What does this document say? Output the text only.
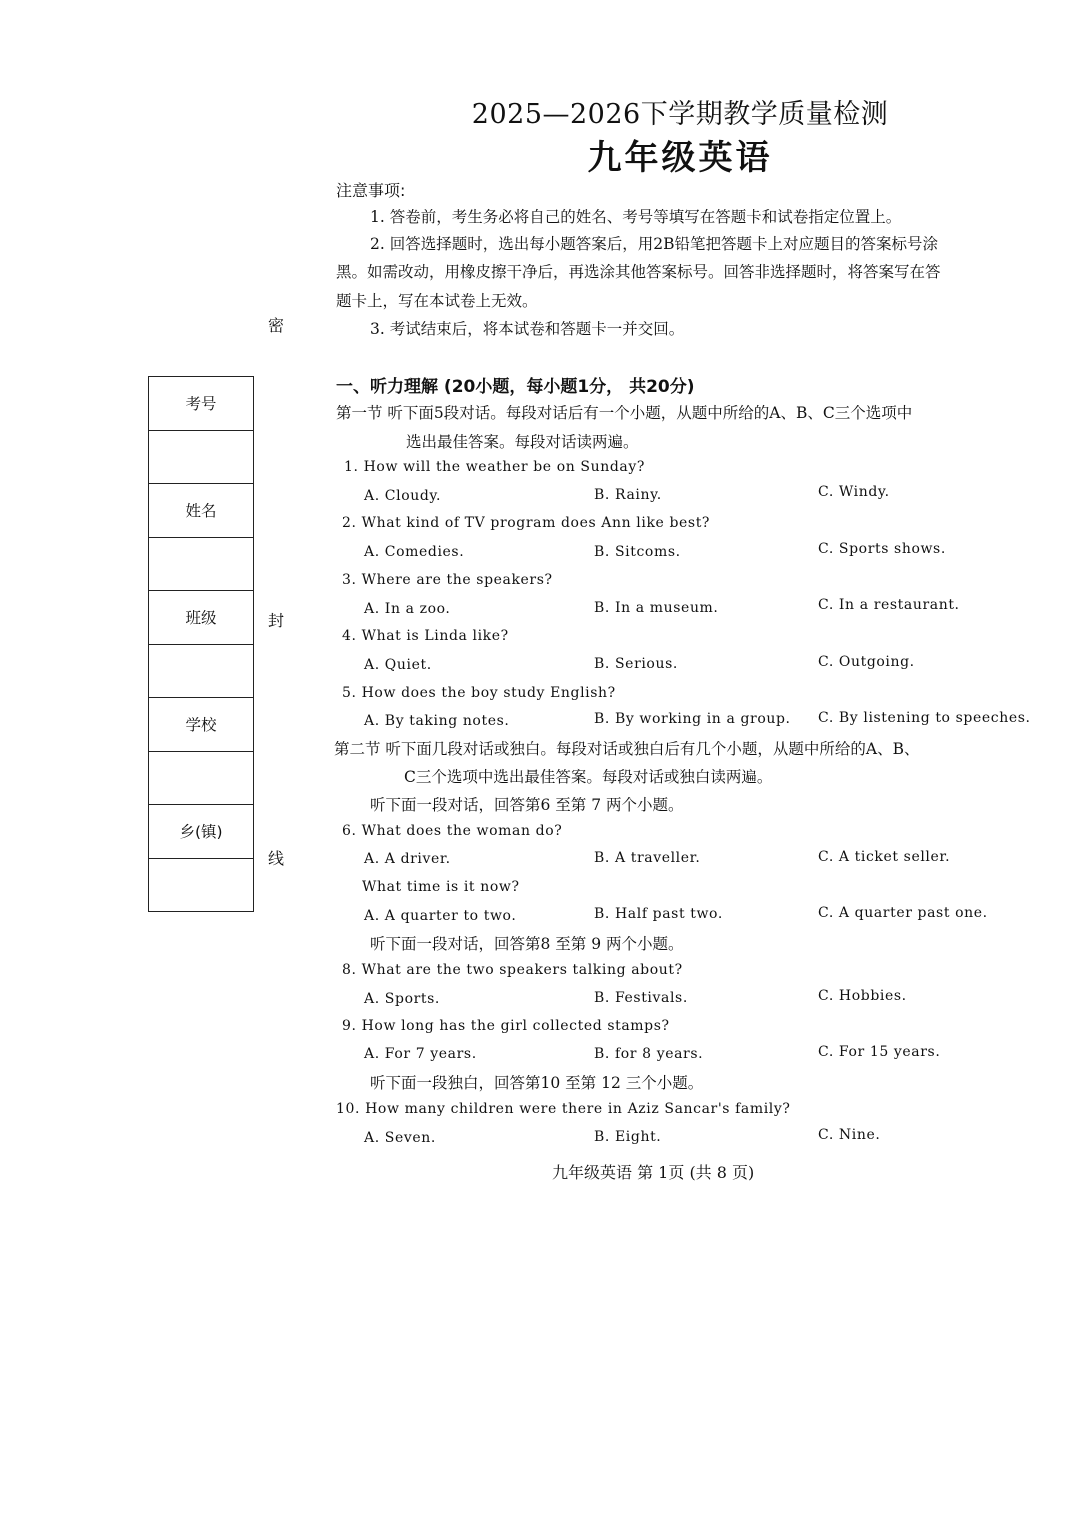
2025—2026下学期教学质量检测
九年级英语
注意事项:
1. 答卷前，考生务必将自己的姓名、考号等填写在答题卡和试卷指定位置上。
2. 回答选择题时，选出每小题答案后，用2B铅笔把答题卡上对应题目的答案标号涂
黑。如需改动，用橡皮擦干净后，再选涂其他答案标号。回答非选择题时，将答案写在答
题卡上，写在本试卷上无效。
3. 考试结束后，将本试卷和答题卡一并交回。
密
封
线
考号

姓名

班级

学校

乡(镇)

一、听力理解 (20小题，每小题1分， 共20分)
第一节 听下面5段对话。每段对话后有一个小题，从题中所给的A、B、C三个选项中
选出最佳答案。每段对话读两遍。
1. How will the weather be on Sunday?
A. Cloudy.	B. Rainy.	C. Windy.
2. What kind of TV program does Ann like best?
A. Comedies.	B. Sitcoms.	C. Sports shows.
3. Where are the speakers?
A. In a zoo.	B. In a museum.	C. In a restaurant.
4. What is Linda like?
A. Quiet.	B. Serious.	C. Outgoing.
5. How does the boy study English?
A. By taking notes.	B. By working in a group. C. By listening to speeches.
第二节 听下面几段对话或独白。每段对话或独白后有几个小题，从题中所给的A、B、
C三个选项中选出最佳答案。每段对话或独白读两遍。
听下面一段对话，回答第6 至第 7 两个小题。
6. What does the woman do?
A. A driver.	B. A traveller.	C. A ticket seller.
What time is it now?
A. A quarter to two.	B. Half past two.	C. A quarter past one.
听下面一段对话，回答第8 至第 9 两个小题。
8. What are the two speakers talking about?
A. Sports.	B. Festivals.	C. Hobbies.
9. How long has the girl collected stamps?
A. For 7 years.	B. for 8 years.	C. For 15 years.
听下面一段独白，回答第10 至第 12 三个小题。
10. How many children were there in Aziz Sancar's family?
A. Seven.	B. Eight.	C. Nine.
九年级英语 第 1页 (共 8 页)
